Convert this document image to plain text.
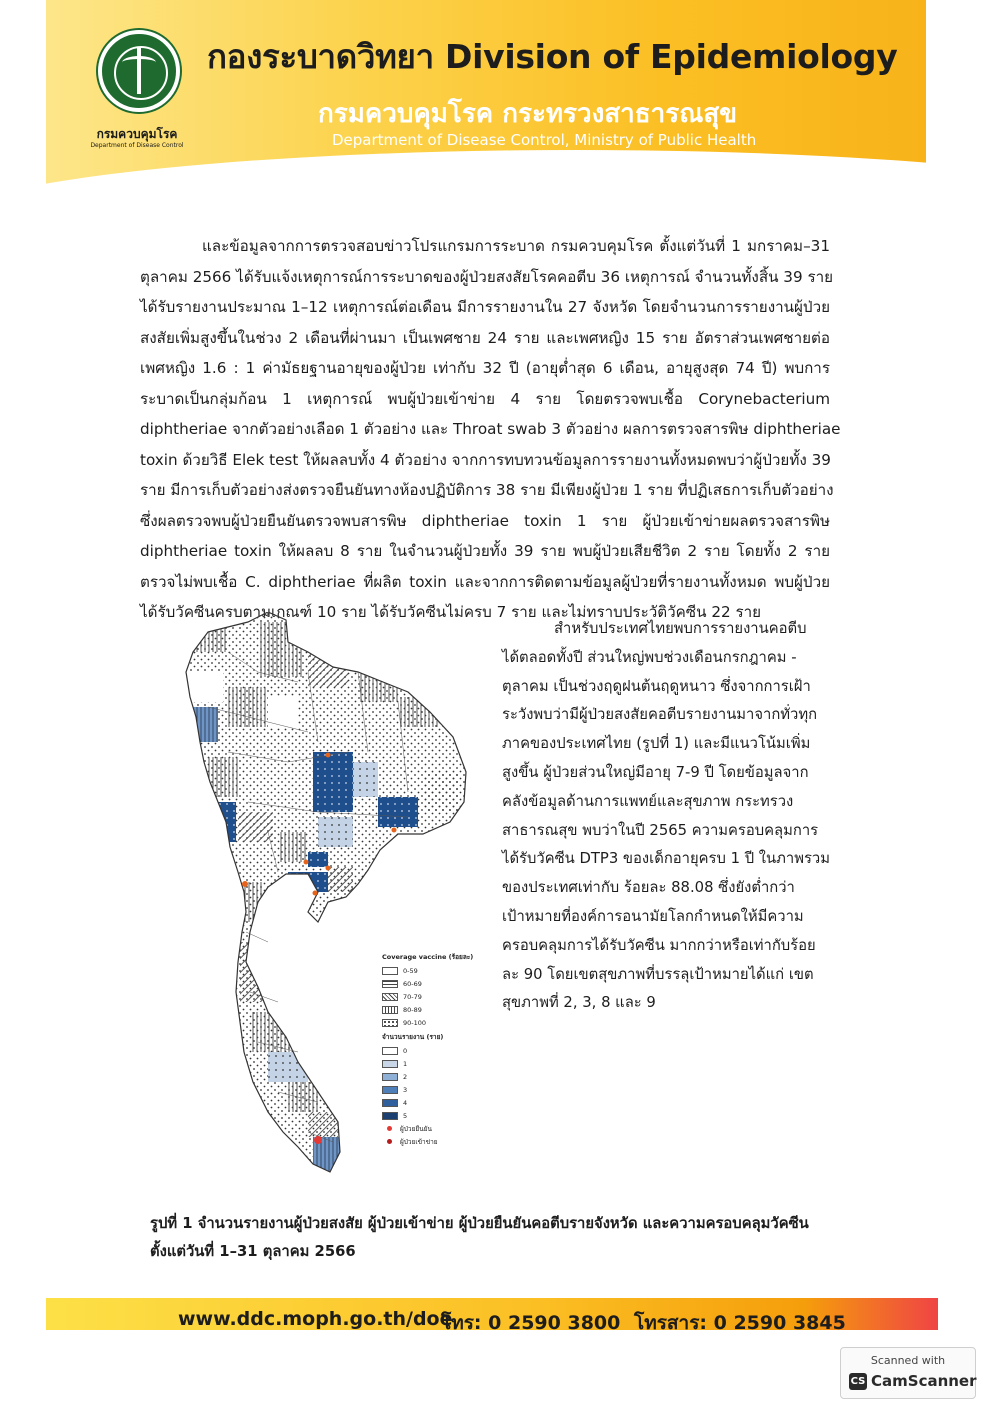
กรมควบคุมโรค
Department of Disease Control
กองระบาดวิทยา Division of Epidemiology
กรมควบคุมโรค กระทรวงสาธารณสุข
Department of Disease Control, Ministry of Public Health
และข้อมูลจากการตรวจสอบข่าวโปรแกรมการระบาด กรมควบคุมโรค ตั้งแต่วันที่ 1 มกราคม–31
ตุลาคม 2566 ได้รับแจ้งเหตุการณ์การระบาดของผู้ป่วยสงสัยโรคคอตีบ 36 เหตุการณ์ จำนวนทั้งสิ้น 39 ราย
ได้รับรายงานประมาณ 1–12 เหตุการณ์ต่อเดือน มีการรายงานใน 27 จังหวัด โดยจำนวนการรายงานผู้ป่วย
สงสัยเพิ่มสูงขึ้นในช่วง 2 เดือนที่ผ่านมา เป็นเพศชาย 24 ราย และเพศหญิง 15 ราย อัตราส่วนเพศชายต่อ
เพศหญิง 1.6 : 1 ค่ามัธยฐานอายุของผู้ป่วย เท่ากับ 32 ปี (อายุต่ำสุด 6 เดือน, อายุสูงสุด 74 ปี) พบการ
ระบาดเป็นกลุ่มก้อน 1 เหตุการณ์ พบผู้ป่วยเข้าข่าย 4 ราย โดยตรวจพบเชื้อ Corynebacterium
diphtheriae จากตัวอย่างเลือด 1 ตัวอย่าง และ Throat swab 3 ตัวอย่าง ผลการตรวจสารพิษ diphtheriae
toxin ด้วยวิธี Elek test ให้ผลลบทั้ง 4 ตัวอย่าง จากการทบทวนข้อมูลการรายงานทั้งหมดพบว่าผู้ป่วยทั้ง 39
ราย มีการเก็บตัวอย่างส่งตรวจยืนยันทางห้องปฏิบัติการ 38 ราย มีเพียงผู้ป่วย 1 ราย ที่ปฏิเสธการเก็บตัวอย่าง
ซึ่งผลตรวจพบผู้ป่วยยืนยันตรวจพบสารพิษ diphtheriae toxin 1 ราย ผู้ป่วยเข้าข่ายผลตรวจสารพิษ
diphtheriae toxin ให้ผลลบ 8 ราย ในจำนวนผู้ป่วยทั้ง 39 ราย พบผู้ป่วยเสียชีวิต 2 ราย โดยทั้ง 2 ราย
ตรวจไม่พบเชื้อ C. diphtheriae ที่ผลิต toxin และจากการติดตามข้อมูลผู้ป่วยที่รายงานทั้งหมด พบผู้ป่วย
ได้รับวัคซีนครบตามเกณฑ์ 10 ราย ได้รับวัคซีนไม่ครบ 7 ราย และไม่ทราบประวัติวัคซีน 22 ราย
Coverage vaccine (ร้อยละ)
0-59
60-69
70-79
80-89
90-100
จำนวนรายงาน (ราย)
0
1
2
3
4
5
ผู้ป่วยยืนยัน
ผู้ป่วยเข้าข่าย
สำหรับประเทศไทยพบการรายงานคอตีบ
ได้ตลอดทั้งปี ส่วนใหญ่พบช่วงเดือนกรกฎาคม -
ตุลาคม เป็นช่วงฤดูฝนต้นฤดูหนาว ซึ่งจากการเฝ้า
ระวังพบว่ามีผู้ป่วยสงสัยคอตีบรายงานมาจากทั่วทุก
ภาคของประเทศไทย (รูปที่ 1) และมีแนวโน้มเพิ่ม
สูงขึ้น ผู้ป่วยส่วนใหญ่มีอายุ 7-9 ปี โดยข้อมูลจาก
คลังข้อมูลด้านการแพทย์และสุขภาพ กระทรวง
สาธารณสุข พบว่าในปี 2565 ความครอบคลุมการ
ได้รับวัคซีน DTP3 ของเด็กอายุครบ 1 ปี ในภาพรวม
ของประเทศเท่ากับ ร้อยละ 88.08 ซึ่งยังต่ำกว่า
เป้าหมายที่องค์การอนามัยโลกกำหนดให้มีความ
ครอบคลุมการได้รับวัคซีน มากกว่าหรือเท่ากับร้อย
ละ 90 โดยเขตสุขภาพที่บรรลุเป้าหมายได้แก่ เขต
สุขภาพที่ 2, 3, 8 และ 9
รูปที่ 1 จำนวนรายงานผู้ป่วยสงสัย ผู้ป่วยเข้าข่าย ผู้ป่วยยืนยันคอตีบรายจังหวัด และความครอบคลุมวัคซีน
ตั้งแต่วันที่ 1–31 ตุลาคม 2566
www.ddc.moph.go.th/doe
โทร: 0 2590 3800 โทรสาร: 0 2590 3845
Scanned with
CS CamScanner
